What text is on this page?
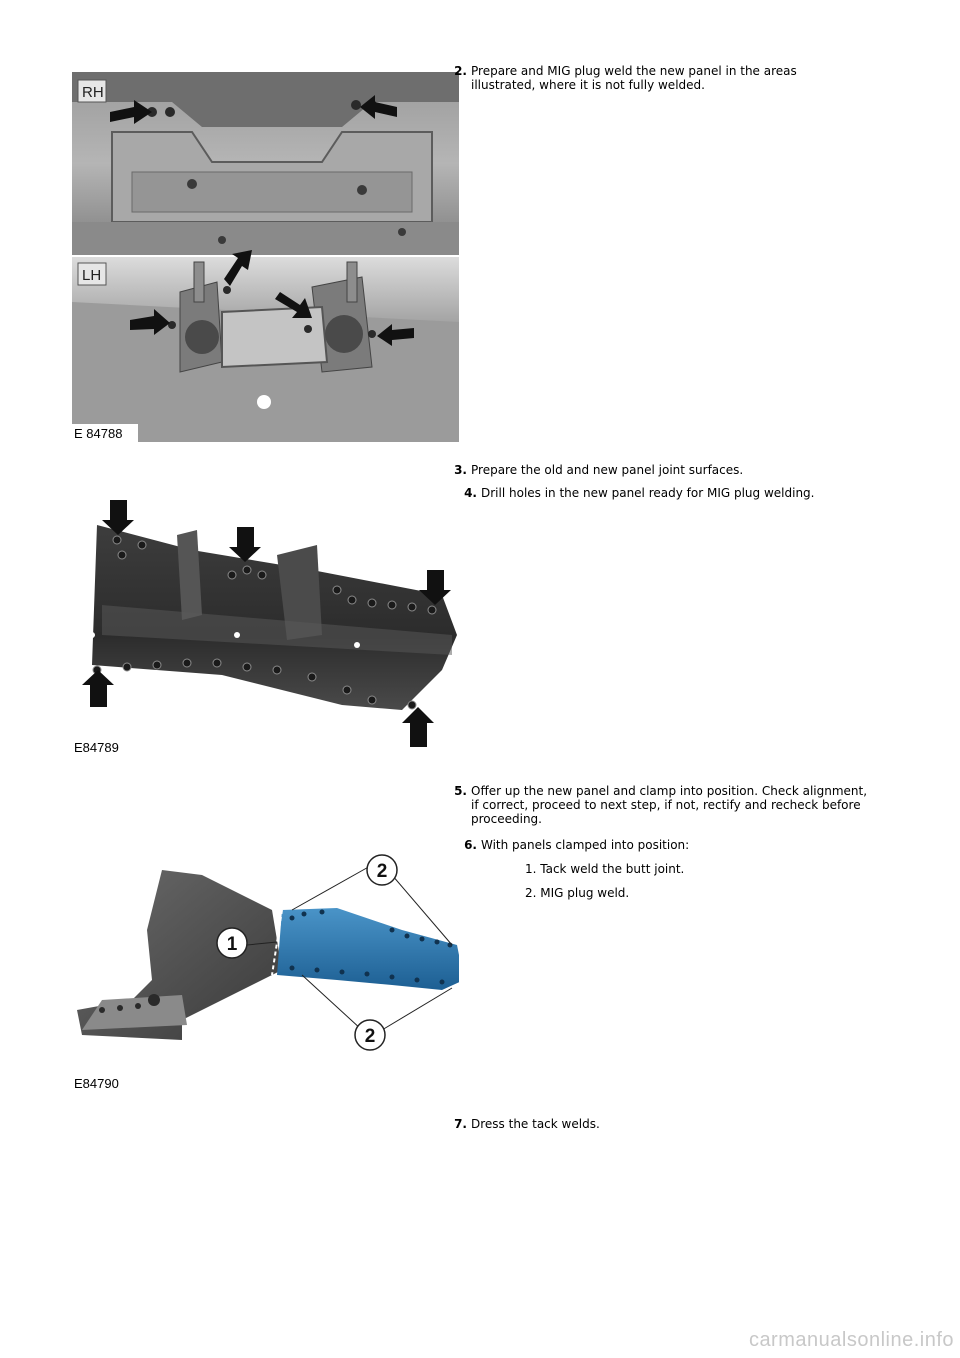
RH
LH
E 84788
2. Prepare and MIG plug weld the new panel in the areas illustrated, where it is not fully welded.
E84789
3. Prepare the old and new panel joint surfaces.
4. Drill holes in the new panel ready for MIG plug welding.
2
2
1
E84790
5. Offer up the new panel and clamp into position. Check alignment, if correct, proceed to next step, if not, rectify and recheck before proceeding.
6. With panels clamped into position:
1. Tack weld the butt joint.
2. MIG plug weld.
7. Dress the tack welds.
carmanualsonline.info
